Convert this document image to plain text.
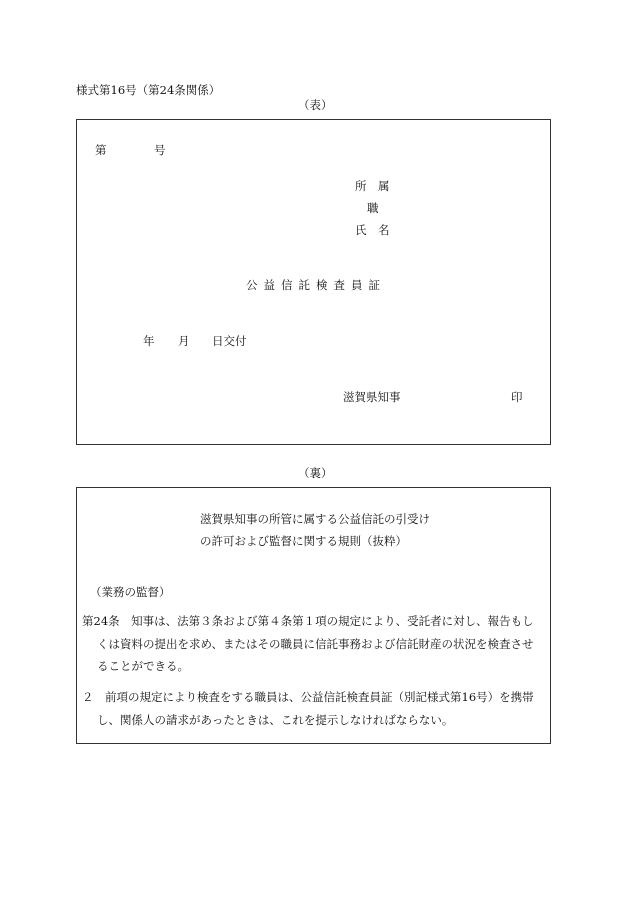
様式第16号（第24条関係）
（表）
第	号
所　属
職
氏　名
公益信託検査員証
年 月 日交付
滋賀県知事	印
（裏）
滋賀県知事の所管に属する公益信託の引受け
の許可および監督に関する規則（抜粋）
（業務の監督）
第24条　知事は、法第３条および第４条第１項の規定により、受託者に対し、報告もし
くは資料の提出を求め、またはその職員に信託事務および信託財産の状況を検査させ
ることができる。
２　前項の規定により検査をする職員は、公益信託検査員証（別記様式第16号）を携帯
し、関係人の請求があったときは、これを提示しなければならない。
